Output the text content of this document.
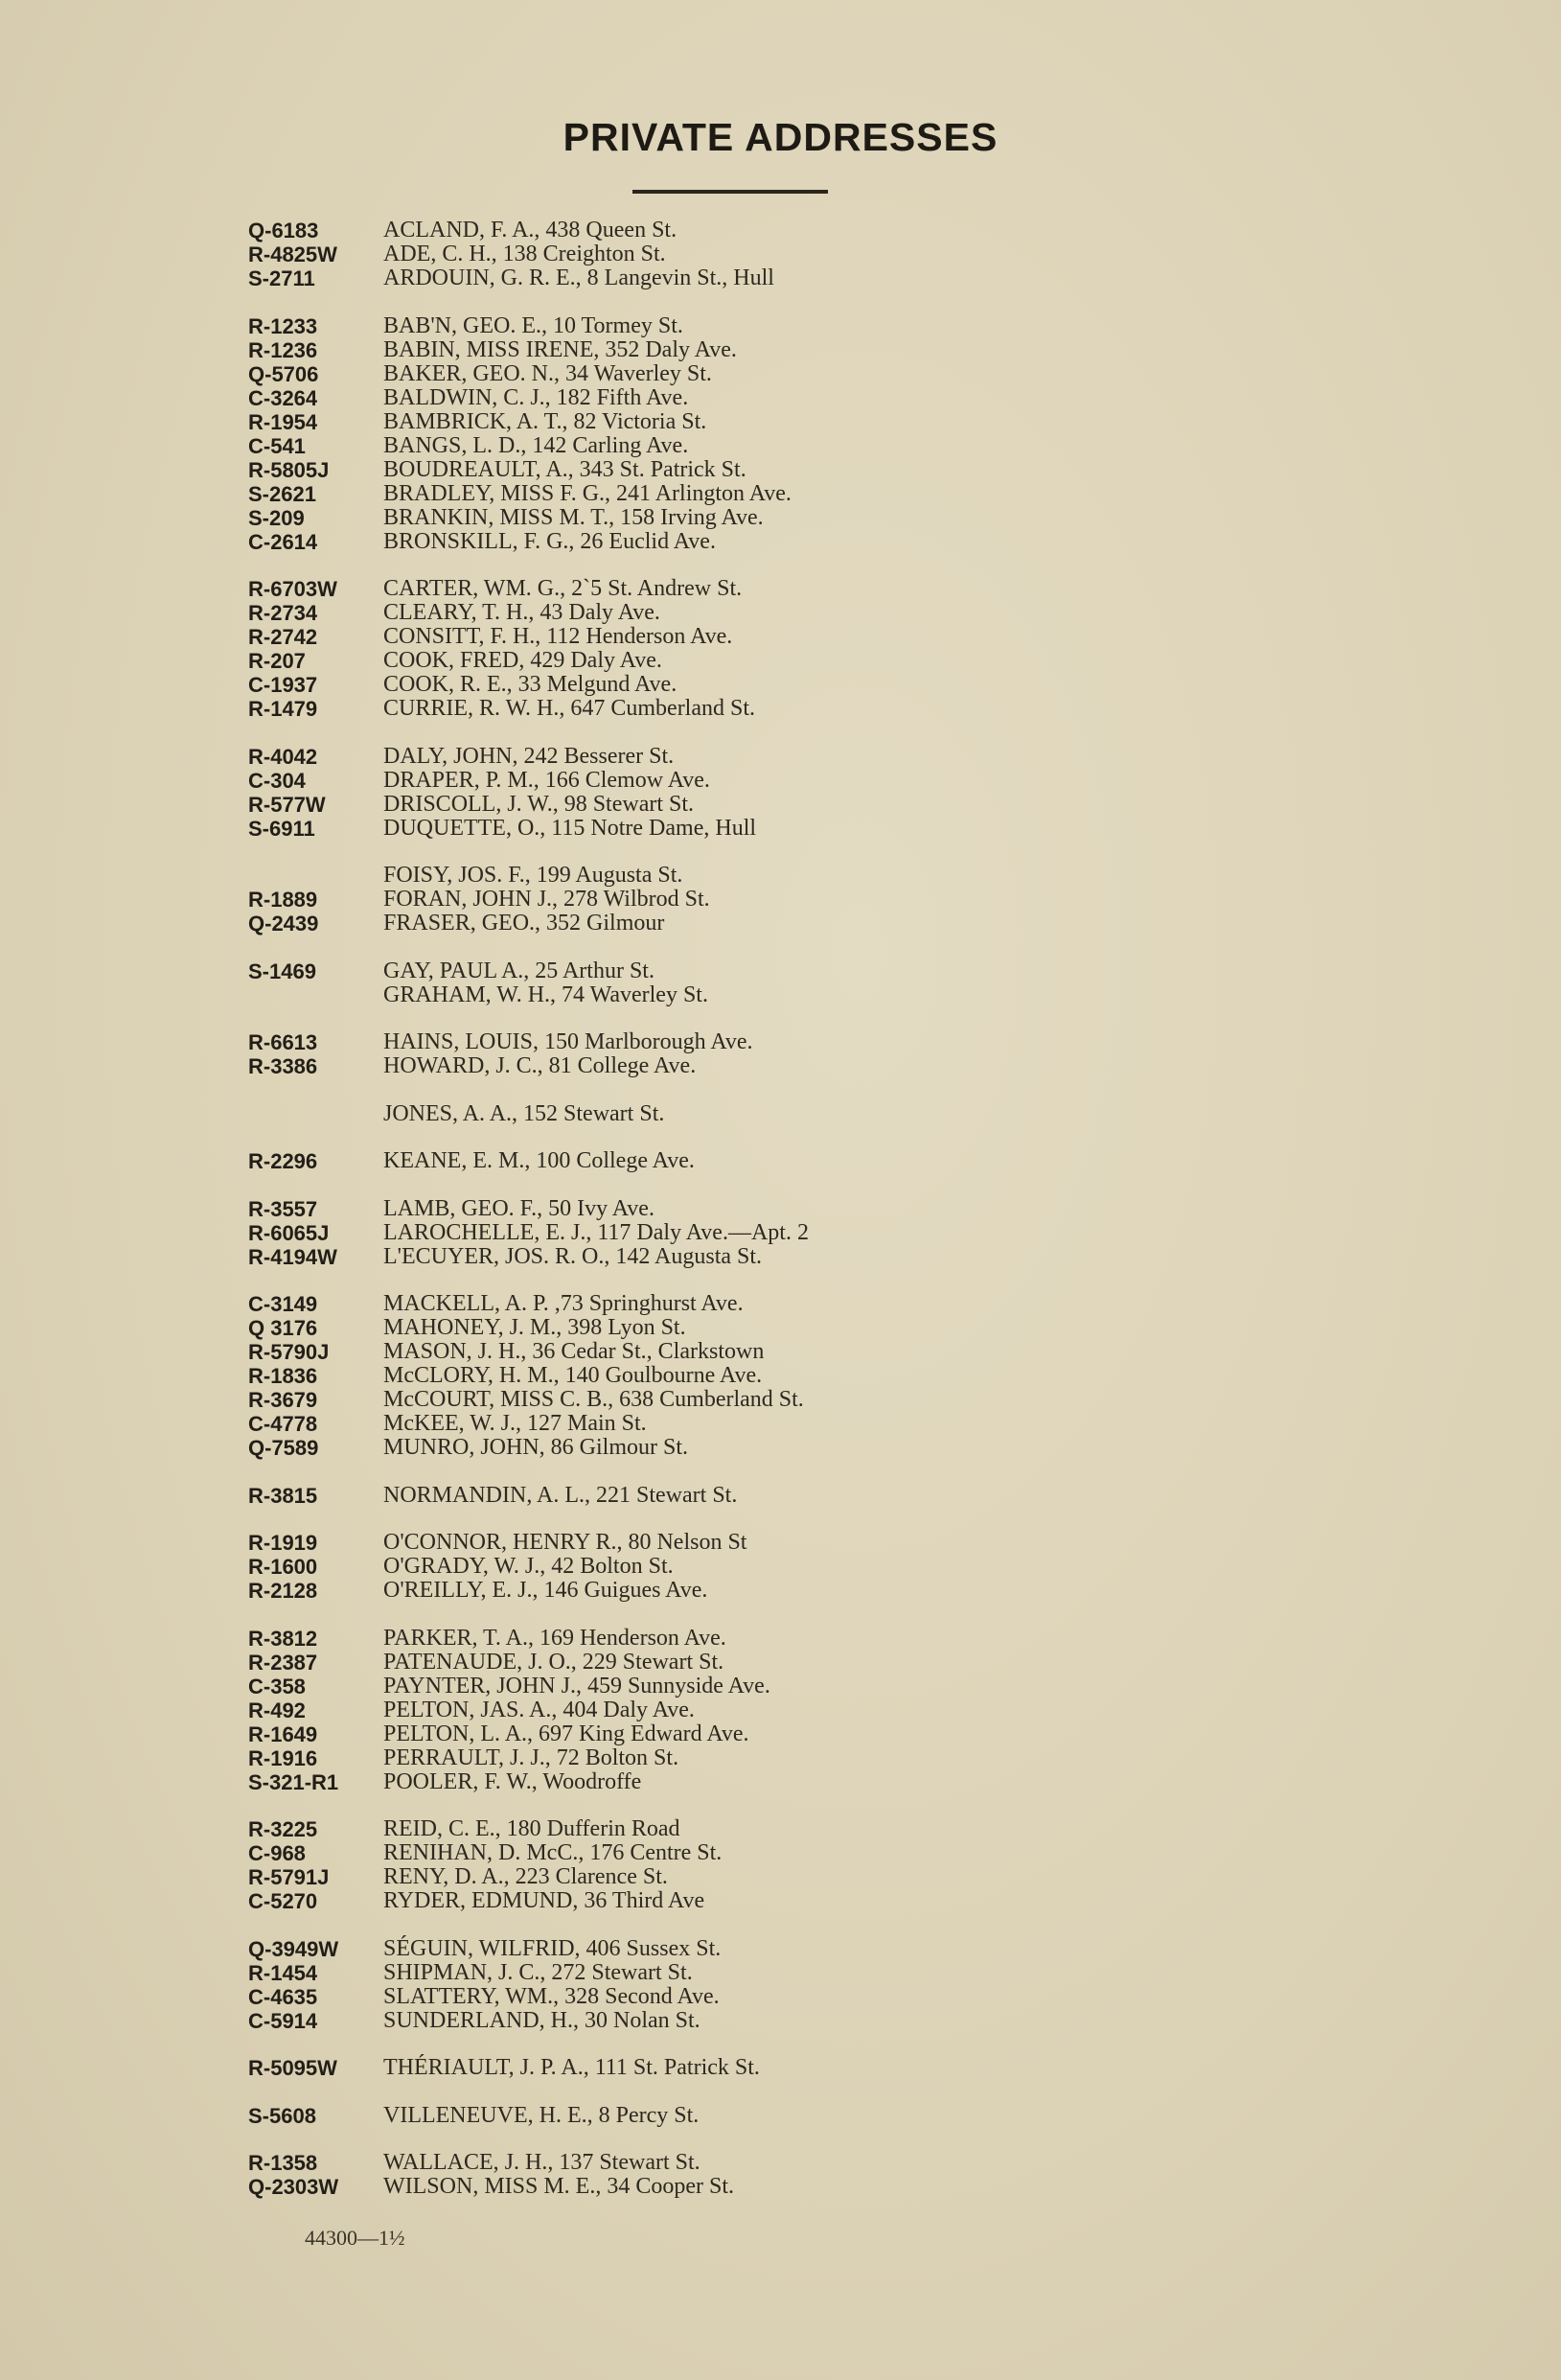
PRIVATE ADDRESSES
Q-6183	ACLAND, F. A., 438 Queen St.
R-4825W	ADE, C. H., 138 Creighton St.
S-2711	ARDOUIN, G. R. E., 8 Langevin St., Hull
R-1233	BAB'N, GEO. E., 10 Tormey St.
R-1236	BABIN, MISS IRENE, 352 Daly Ave.
Q-5706	BAKER, GEO. N., 34 Waverley St.
C-3264	BALDWIN, C. J., 182 Fifth Ave.
R-1954	BAMBRICK, A. T., 82 Victoria St.
C-541	BANGS, L. D., 142 Carling Ave.
R-5805J	BOUDREAULT, A., 343 St. Patrick St.
S-2621	BRADLEY, MISS F. G., 241 Arlington Ave.
S-209	BRANKIN, MISS M. T., 158 Irving Ave.
C-2614	BRONSKILL, F. G., 26 Euclid Ave.
R-6703W	CARTER, WM. G., 2`5 St. Andrew St.
R-2734	CLEARY, T. H., 43 Daly Ave.
R-2742	CONSITT, F. H., 112 Henderson Ave.
R-207	COOK, FRED, 429 Daly Ave.
C-1937	COOK, R. E., 33 Melgund Ave.
R-1479	CURRIE, R. W. H., 647 Cumberland St.
R-4042	DALY, JOHN, 242 Besserer St.
C-304	DRAPER, P. M., 166 Clemow Ave.
R-577W	DRISCOLL, J. W., 98 Stewart St.
S-6911	DUQUETTE, O., 115 Notre Dame, Hull
FOISY, JOS. F., 199 Augusta St.
R-1889	FORAN, JOHN J., 278 Wilbrod St.
Q-2439	FRASER, GEO., 352 Gilmour
S-1469	GAY, PAUL A., 25 Arthur St.
GRAHAM, W. H., 74 Waverley St.
R-6613	HAINS, LOUIS, 150 Marlborough Ave.
R-3386	HOWARD, J. C., 81 College Ave.
JONES, A. A., 152 Stewart St.
R-2296	KEANE, E. M., 100 College Ave.
R-3557	LAMB, GEO. F., 50 Ivy Ave.
R-6065J	LAROCHELLE, E. J., 117 Daly Ave.—Apt. 2
R-4194W	L'ECUYER, JOS. R. O., 142 Augusta St.
C-3149	MACKELL, A. P. ,73 Springhurst Ave.
Q 3176	MAHONEY, J. M., 398 Lyon St.
R-5790J	MASON, J. H., 36 Cedar St., Clarkstown
R-1836	McCLORY, H. M., 140 Goulbourne Ave.
R-3679	McCOURT, MISS C. B., 638 Cumberland St.
C-4778	McKEE, W. J., 127 Main St.
Q-7589	MUNRO, JOHN, 86 Gilmour St.
R-3815	NORMANDIN, A. L., 221 Stewart St.
R-1919	O'CONNOR, HENRY R., 80 Nelson St
R-1600	O'GRADY, W. J., 42 Bolton St.
R-2128	O'REILLY, E. J., 146 Guigues Ave.
R-3812	PARKER, T. A., 169 Henderson Ave.
R-2387	PATENAUDE, J. O., 229 Stewart St.
C-358	PAYNTER, JOHN J., 459 Sunnyside Ave.
R-492	PELTON, JAS. A., 404 Daly Ave.
R-1649	PELTON, L. A., 697 King Edward Ave.
R-1916	PERRAULT, J. J., 72 Bolton St.
S-321-R1	POOLER, F. W., Woodroffe
R-3225	REID, C. E., 180 Dufferin Road
C-968	RENIHAN, D. McC., 176 Centre St.
R-5791J	RENY, D. A., 223 Clarence St.
C-5270	RYDER, EDMUND, 36 Third Ave
Q-3949W	SÉGUIN, WILFRID, 406 Sussex St.
R-1454	SHIPMAN, J. C., 272 Stewart St.
C-4635	SLATTERY, WM., 328 Second Ave.
C-5914	SUNDERLAND, H., 30 Nolan St.
R-5095W	THÉRIAULT, J. P. A., 111 St. Patrick St.
S-5608	VILLENEUVE, H. E., 8 Percy St.
R-1358	WALLACE, J. H., 137 Stewart St.
Q-2303W	WILSON, MISS M. E., 34 Cooper St.
44300—1½
